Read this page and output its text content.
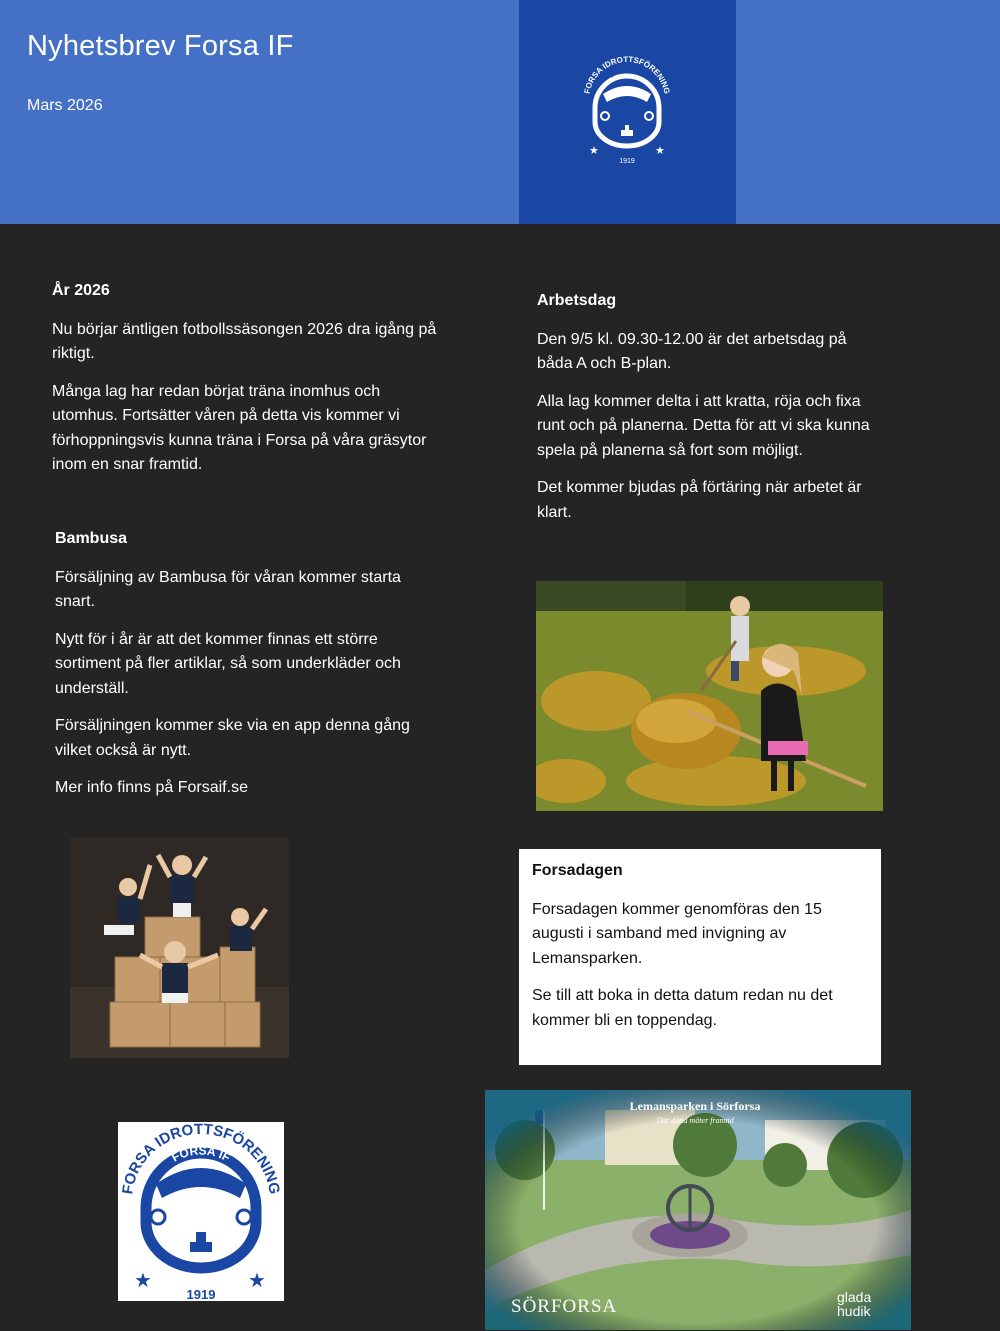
Nyhetsbrev Forsa IF
Mars 2026
FORSA IDROTTSFÖRENING
FORSA IF
★	★
1919
År 2026

Nu börjar äntligen fotbollssäsongen 2026 dra igång på riktigt.

Många lag har redan börjat träna inomhus och utomhus. Fortsätter våren på detta vis kommer vi förhoppningsvis kunna träna i Forsa på våra gräsytor inom en snar framtid.

Bambusa

Försäljning av Bambusa för våran kommer starta snart.

Nytt för i år är att det kommer finnas ett större sortiment på fler artiklar, så som underkläder och underställ.

Försäljningen kommer ske via en app denna gång vilket också är nytt.

Mer info finns på Forsaif.se

Arbetsdag

Den 9/5 kl. 09.30-12.00 är det arbetsdag på båda A och B-plan.

Alla lag kommer delta i att kratta, röja och fixa runt och på planerna. Detta för att vi ska kunna spela på planerna så fort som möjligt.

Det kommer bjudas på förtäring när arbetet är klart.

Forsadagen

Forsadagen kommer genomföras den 15 augusti i samband med invigning av Lemansparken.

Se till att boka in detta datum redan nu det kommer bli en toppendag.

FORSA IDROTTSFÖRENING
FORSA IF
★	★
1919
Lemansparken i Sörforsa
Där dåtid möter framtid
SÖRFORSA	glada
hudik
